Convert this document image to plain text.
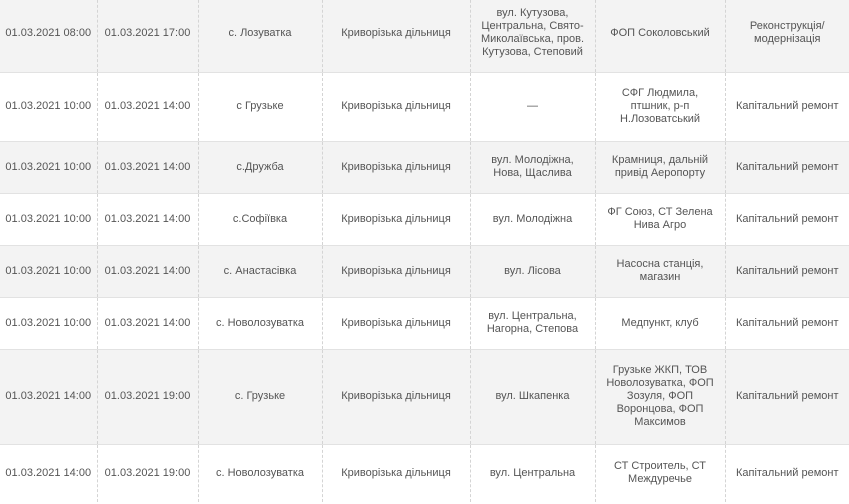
01.03.2021 08:00	01.03.2021 17:00	с. Лозуватка	Криворізька дільниця	вул. Кутузова, Центральна, Свято-Миколаївська, пров. Кутузова, Степовий	ФОП Соколовський	Реконструкція/ модернізація
01.03.2021 10:00	01.03.2021 14:00	с Грузьке	Криворізька дільниця	—	СФГ Людмила, птшник, р-п Н.Лозоватський	Капітальний ремонт
01.03.2021 10:00	01.03.2021 14:00	с.Дружба	Криворізька дільниця	вул. Молодіжна, Нова, Щаслива	Крамниця, дальній привід Аеропорту	Капітальний ремонт
01.03.2021 10:00	01.03.2021 14:00	с.Софіївка	Криворізька дільниця	вул. Молодіжна	ФГ Союз, СТ Зелена Нива Агро	Капітальний ремонт
01.03.2021 10:00	01.03.2021 14:00	с. Анастасівка	Криворізька дільниця	вул. Лісова	Насосна станція, магазин	Капітальний ремонт
01.03.2021 10:00	01.03.2021 14:00	с. Новолозуватка	Криворізька дільниця	вул. Центральна, Нагорна, Степова	Медпункт, клуб	Капітальний ремонт
01.03.2021 14:00	01.03.2021 19:00	с. Грузьке	Криворізька дільниця	вул. Шкапенка	Грузьке ЖКП, ТОВ Новолозуватка, ФОП Зозуля, ФОП Воронцова, ФОП Максимов	Капітальний ремонт
01.03.2021 14:00	01.03.2021 19:00	с. Новолозуватка	Криворізька дільниця	вул. Центральна	СТ Строитель, СТ Междуречье	Капітальний ремонт
